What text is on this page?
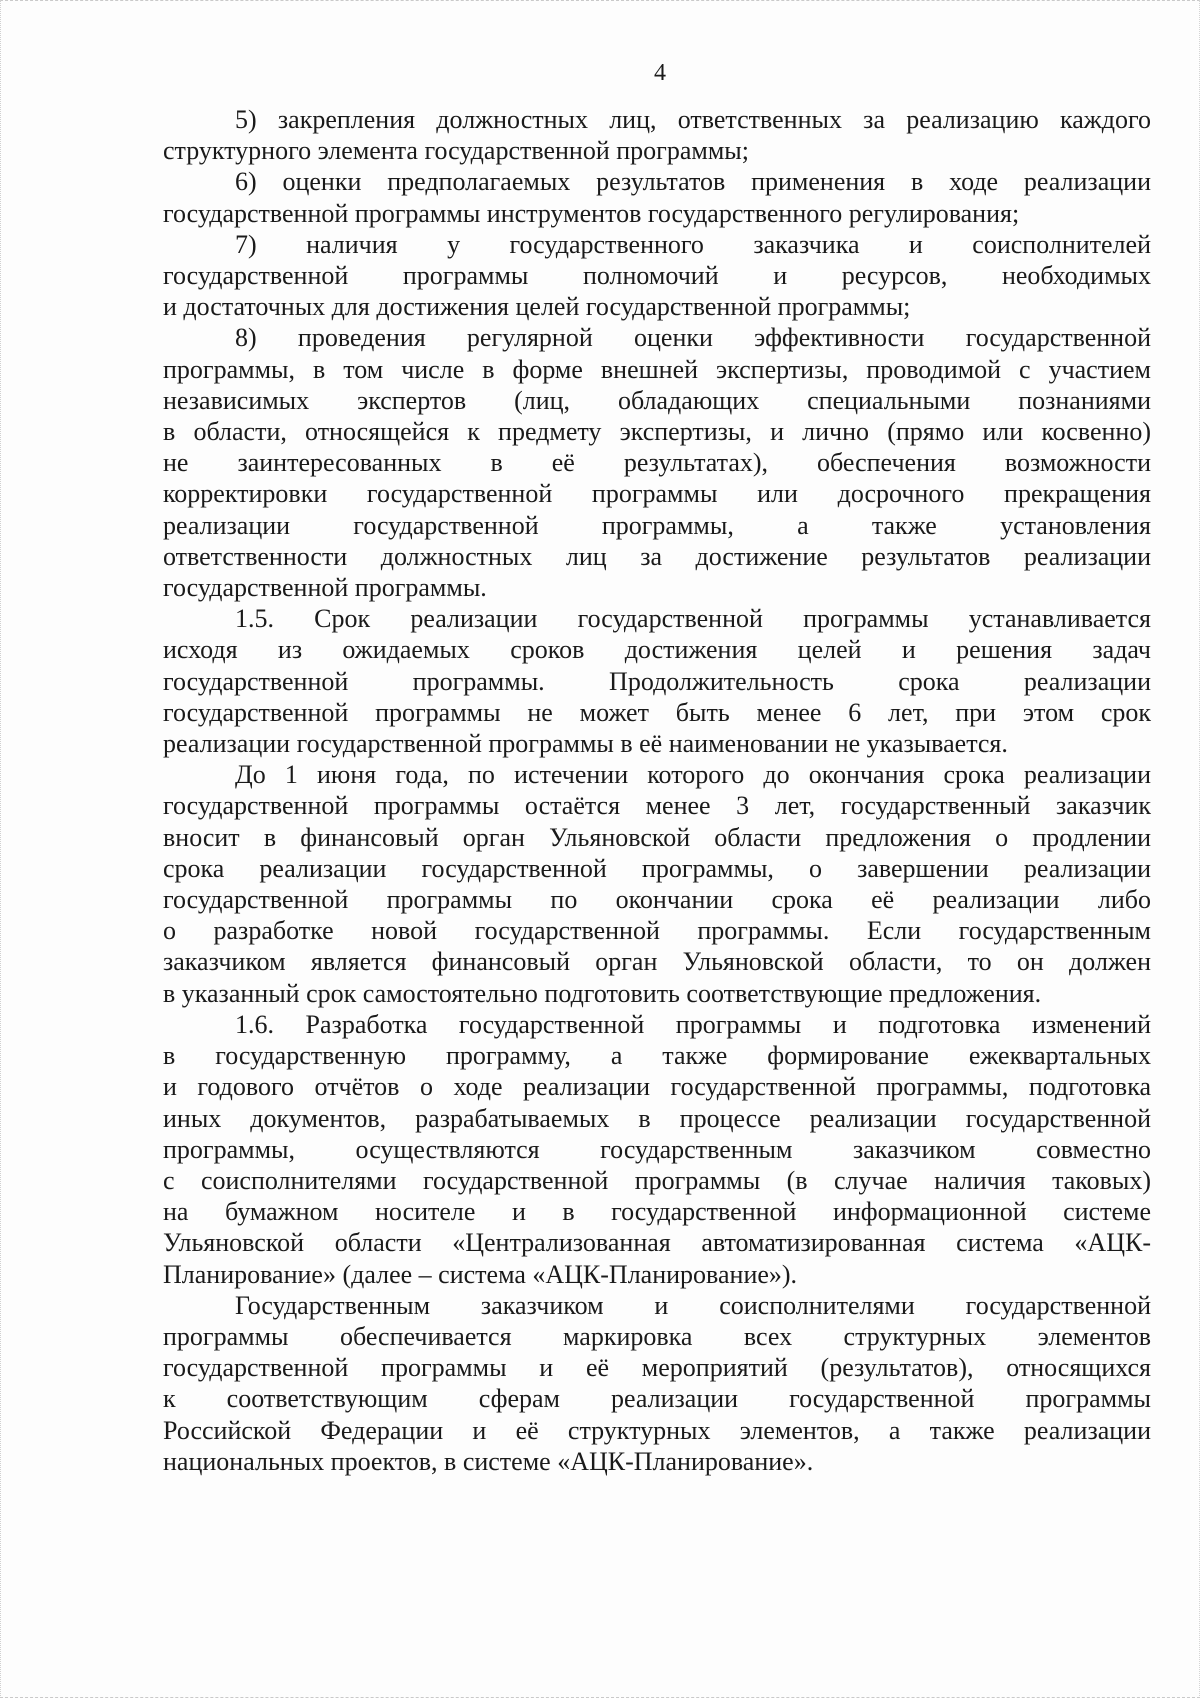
4

5) закрепления должностных лиц, ответственных за реализацию каждого
структурного элемента государственной программы;

6) оценки предполагаемых результатов применения в ходе реализации
государственной программы инструментов государственного регулирования;

7) наличия у государственного заказчика и соисполнителей
государственной программы полномочий и ресурсов, необходимых
и достаточных для достижения целей государственной программы;

8) проведения регулярной оценки эффективности государственной
программы, в том числе в форме внешней экспертизы, проводимой с участием
независимых экспертов (лиц, обладающих специальными познаниями
в области, относящейся к предмету экспертизы, и лично (прямо или косвенно)
не заинтересованных в её результатах), обеспечения возможности
корректировки государственной программы или досрочного прекращения
реализации государственной программы, а также установления
ответственности должностных лиц за достижение результатов реализации
государственной программы.

1.5. Срок реализации государственной программы устанавливается
исходя из ожидаемых сроков достижения целей и решения задач
государственной программы. Продолжительность срока реализации
государственной программы не может быть менее 6 лет, при этом срок
реализации государственной программы в её наименовании не указывается.

До 1 июня года, по истечении которого до окончания срока реализации
государственной программы остаётся менее 3 лет, государственный заказчик
вносит в финансовый орган Ульяновской области предложения о продлении
срока реализации государственной программы, о завершении реализации
государственной программы по окончании срока её реализации либо
о разработке новой государственной программы. Если государственным
заказчиком является финансовый орган Ульяновской области, то он должен
в указанный срок самостоятельно подготовить соответствующие предложения.

1.6. Разработка государственной программы и подготовка изменений
в государственную программу, а также формирование ежеквартальных
и годового отчётов о ходе реализации государственной программы, подготовка
иных документов, разрабатываемых в процессе реализации государственной
программы, осуществляются государственным заказчиком совместно
с соисполнителями государственной программы (в случае наличия таковых)
на бумажном носителе и в государственной информационной системе
Ульяновской области «Централизованная автоматизированная система «АЦК-
Планирование» (далее – система «АЦК-Планирование»).

Государственным заказчиком и соисполнителями государственной
программы обеспечивается маркировка всех структурных элементов
государственной программы и её мероприятий (результатов), относящихся
к соответствующим сферам реализации государственной программы
Российской Федерации и её структурных элементов, а также реализации
национальных проектов, в системе «АЦК-Планирование».
